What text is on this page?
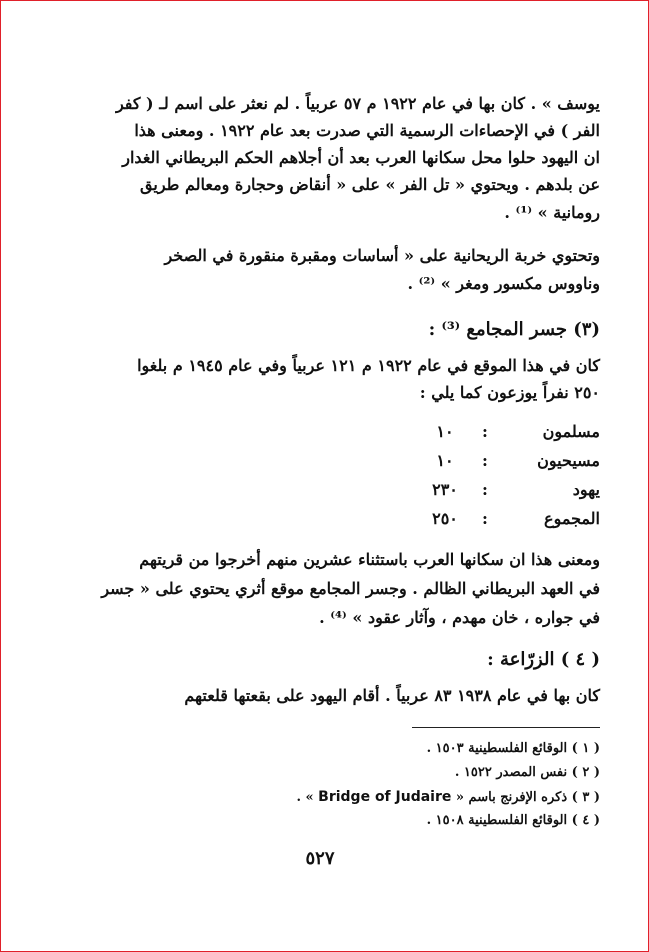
يوسف » . كان بها في عام ١٩٢٢ م ٥٧ عربياً . لم نعثر على اسم لـ ( كفر
الفر ) في الإحصاءات الرسمية التي صدرت بعد عام ١٩٢٢ . ومعنى هذا
ان اليهود حلوا محل سكانها العرب بعد أن أجلاهم الحكم البريطاني الغدار
عن بلدهم . ويحتوي « تل الفر » على « أنقاض وحجارة ومعالم طريق
رومانية » ⁽¹⁾ .
وتحتوي خربة الريحانية على « أساسات ومقبرة منقورة في الصخر
وناووس مكسور ومغر » ⁽²⁾ .
(٣) جسر المجامع ⁽³⁾ :
كان في هذا الموقع في عام ١٩٢٢ م ١٢١ عربياً وفي عام ١٩٤٥ م بلغوا
٢٥٠ نفراً يوزعون كما يلي :
مسلمون
:
١٠
مسيحيون
:
١٠
يهود
:
٢٣٠
المجموع
:
٢٥٠
ومعنى هذا ان سكانها العرب باستثناء عشرين منهم أخرجوا من قريتهم
في العهد البريطاني الظالم . وجسر المجامع موقع أثري يحتوي على « جسر
في جواره ، خان مهدم ، وآثار عقود » ⁽⁴⁾ .
( ٤ ) الزرّاعة :
كان بها في عام ١٩٣٨ ٨٣ عربياً . أقام اليهود على بقعتها قلعتهم
( ١ ) الوقائع الفلسطينية ١٥٠٣ .
( ٢ ) نفس المصدر ١٥٢٢ .
( ٣ ) ذكره الإفرنج باسم « Bridge of Judaire » .
( ٤ ) الوقائع الفلسطينية ١٥٠٨ .
٥٢٧
